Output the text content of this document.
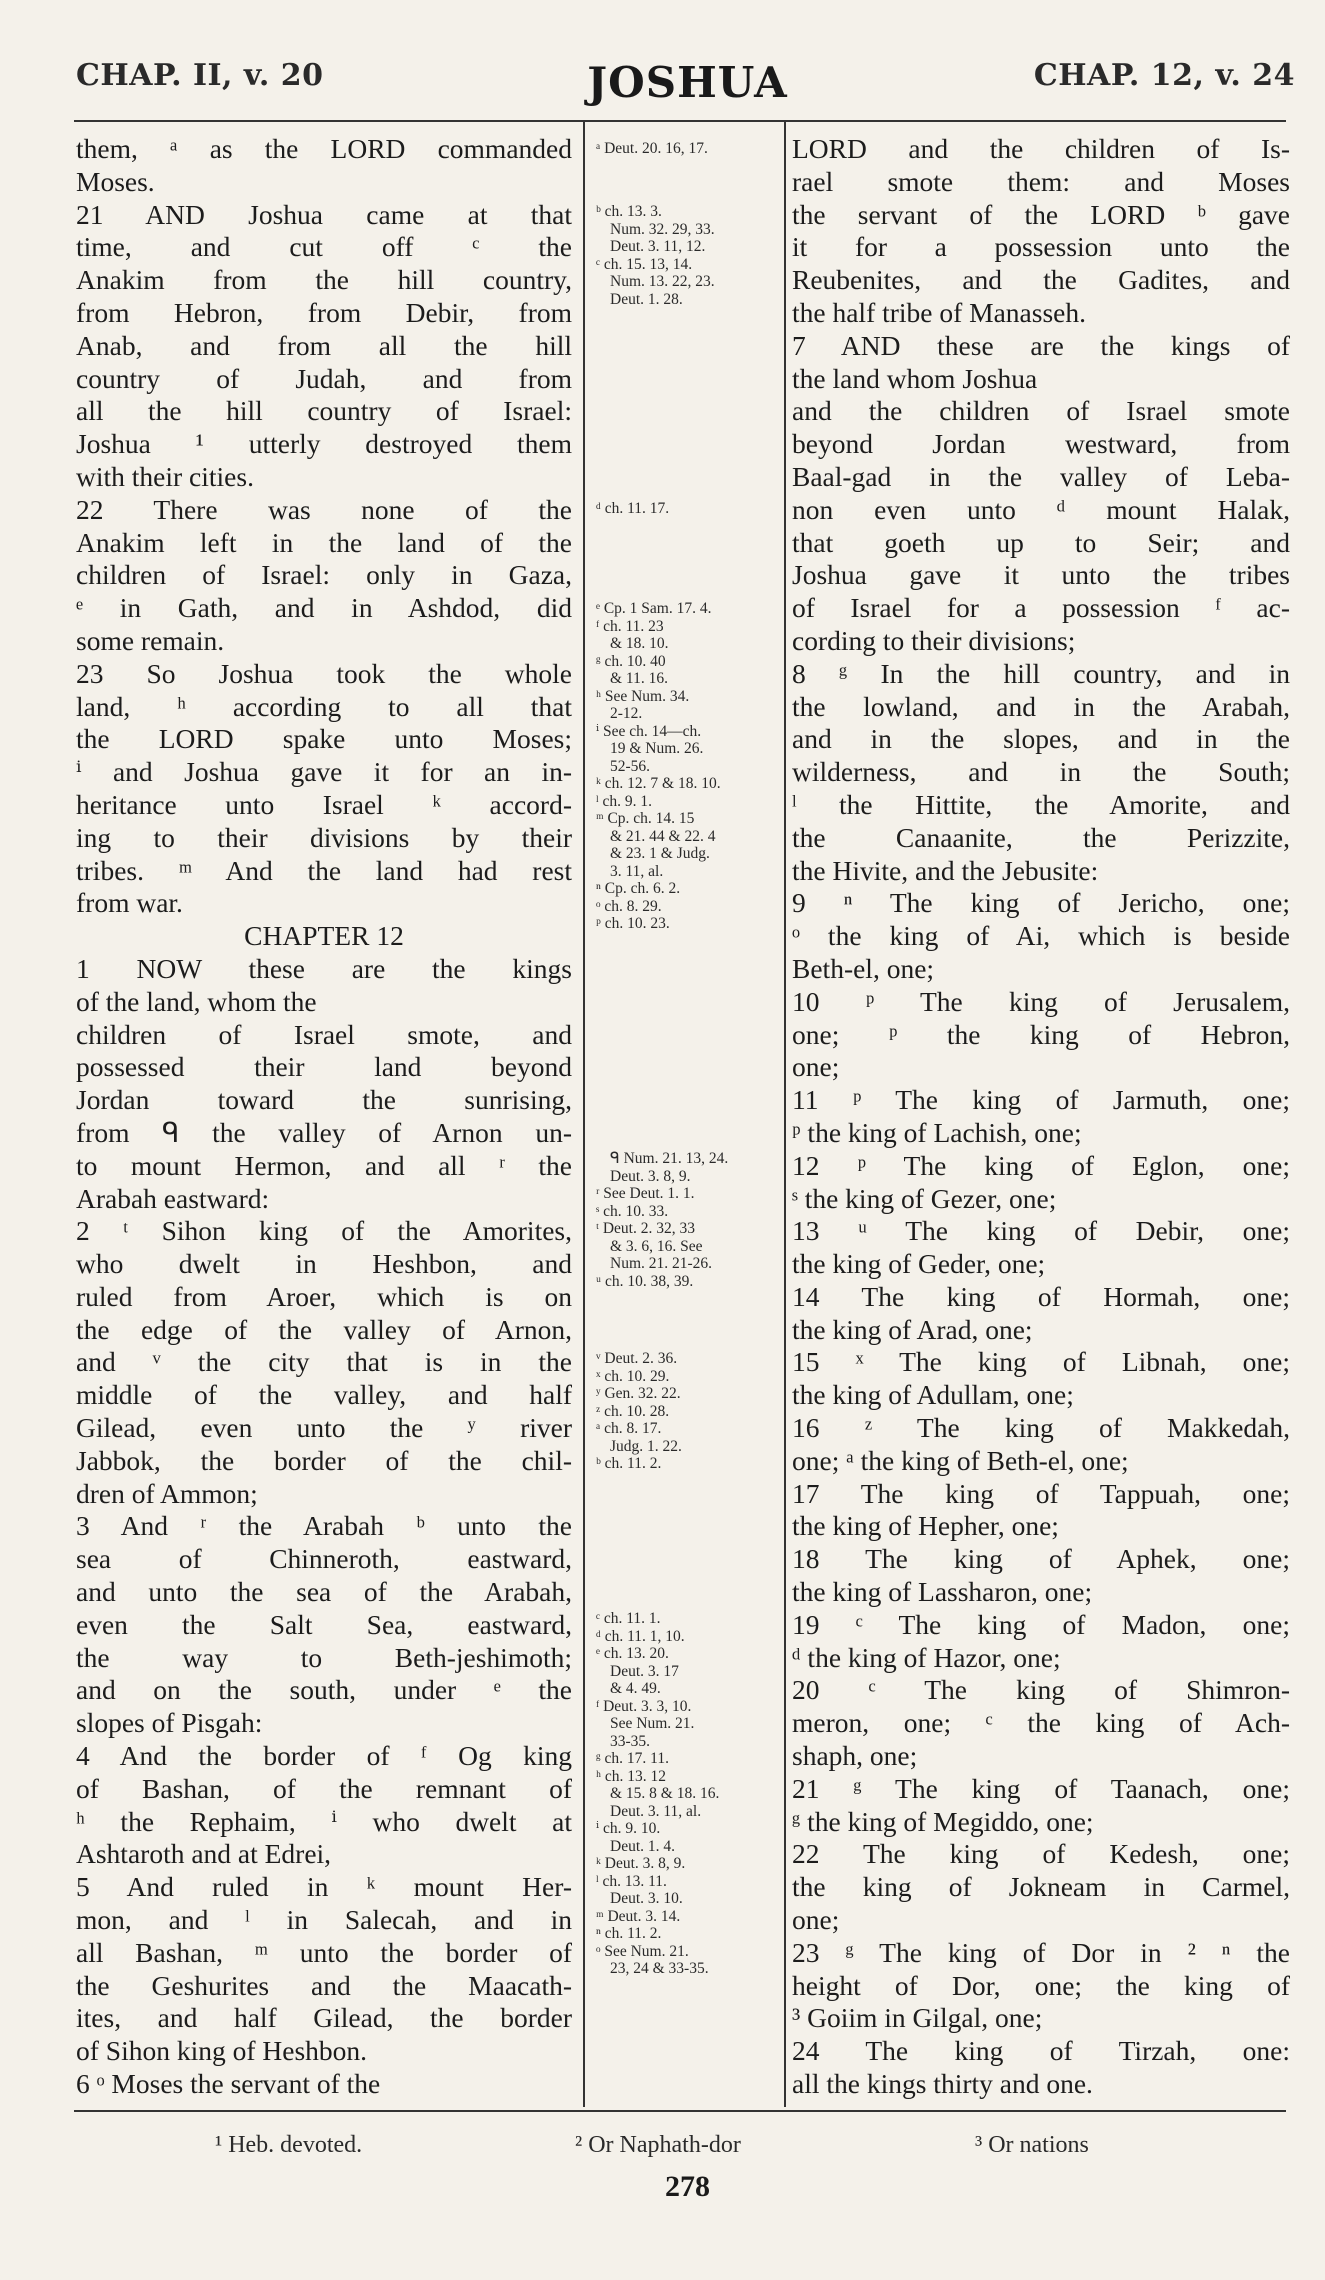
CHAP. II, v. 20	JOSHUA	CHAP. 12, v. 24
them, ᵃ as the LORD commanded
Moses.
21 AND Joshua came at that
time, and cut off ᶜ the
Anakim from the hill country,
from Hebron, from Debir, from
Anab, and from all the hill
country of Judah, and from
all the hill country of Israel:
Joshua ¹ utterly destroyed them
with their cities.
22 There was none of the
Anakim left in the land of the
children of Israel: only in Gaza,
ᵉ in Gath, and in Ashdod, did
some remain.
23 So Joshua took the whole
land, ʰ according to all that
the LORD spake unto Moses;
ⁱ and Joshua gave it for an in-
heritance unto Israel ᵏ accord-
ing to their divisions by their
tribes. ᵐ And the land had rest
from war.
CHAPTER 12
1 NOW these are the kings
of the land, whom the
children of Israel smote, and
possessed their land beyond
Jordan toward the sunrising,
from ᑫ the valley of Arnon un-
to mount Hermon, and all ʳ the
Arabah eastward:
2 ᵗ Sihon king of the Amorites,
who dwelt in Heshbon, and
ruled from Aroer, which is on
the edge of the valley of Arnon,
and ᵛ the city that is in the
middle of the valley, and half
Gilead, even unto the ʸ river
Jabbok, the border of the chil-
dren of Ammon;
3 And ʳ the Arabah ᵇ unto the
sea of Chinneroth, eastward,
and unto the sea of the Arabah,
even the Salt Sea, eastward,
the way to Beth-jeshimoth;
and on the south, under ᵉ the
slopes of Pisgah:
4 And the border of ᶠ Og king
of Bashan, of the remnant of
ʰ the Rephaim, ⁱ who dwelt at
Ashtaroth and at Edrei,
5 And ruled in ᵏ mount Her-
mon, and ˡ in Salecah, and in
all Bashan, ᵐ unto the border of
the Geshurites and the Maacath-
ites, and half Gilead, the border
of Sihon king of Heshbon.
6 ᵒ Moses the servant of the
ᵃ Deut. 20. 16, 17.
ᵇ ch. 13. 3.
Num. 32. 29, 33.
Deut. 3. 11, 12.
ᶜ ch. 15. 13, 14.
Num. 13. 22, 23.
Deut. 1. 28.
ᵈ ch. 11. 17.
ᵉ Cp. 1 Sam. 17. 4.
ᶠ ch. 11. 23
& 18. 10.
ᵍ ch. 10. 40
& 11. 16.
ʰ See Num. 34.
2-12.
ⁱ See ch. 14—ch.
19 & Num. 26.
52-56.
ᵏ ch. 12. 7 & 18. 10.
ˡ ch. 9. 1.
ᵐ Cp. ch. 14. 15
& 21. 44 & 22. 4
& 23. 1 & Judg.
3. 11, al.
ⁿ Cp. ch. 6. 2.
ᵒ ch. 8. 29.
ᵖ ch. 10. 23.
ᑫ Num. 21. 13, 24.
Deut. 3. 8, 9.
ʳ See Deut. 1. 1.
ˢ ch. 10. 33.
ᵗ Deut. 2. 32, 33
& 3. 6, 16. See
Num. 21. 21-26.
ᵘ ch. 10. 38, 39.
ᵛ Deut. 2. 36.
ˣ ch. 10. 29.
ʸ Gen. 32. 22.
ᶻ ch. 10. 28.
ᵃ ch. 8. 17.
Judg. 1. 22.
ᵇ ch. 11. 2.
ᶜ ch. 11. 1.
ᵈ ch. 11. 1, 10.
ᵉ ch. 13. 20.
Deut. 3. 17
& 4. 49.
ᶠ Deut. 3. 3, 10.
See Num. 21.
33-35.
ᵍ ch. 17. 11.
ʰ ch. 13. 12
& 15. 8 & 18. 16.
Deut. 3. 11, al.
ⁱ ch. 9. 10.
Deut. 1. 4.
ᵏ Deut. 3. 8, 9.
ˡ ch. 13. 11.
Deut. 3. 10.
ᵐ Deut. 3. 14.
ⁿ ch. 11. 2.
ᵒ See Num. 21.
23, 24 & 33-35.
LORD and the children of Is-
rael smote them: and Moses
the servant of the LORD ᵇ gave
it for a possession unto the
Reubenites, and the Gadites, and
the half tribe of Manasseh.
7 AND these are the kings of
the land whom Joshua
and the children of Israel smote
beyond Jordan westward, from
Baal-gad in the valley of Leba-
non even unto ᵈ mount Halak,
that goeth up to Seir; and
Joshua gave it unto the tribes
of Israel for a possession ᶠ ac-
cording to their divisions;
8 ᵍ In the hill country, and in
the lowland, and in the Arabah,
and in the slopes, and in the
wilderness, and in the South;
ˡ the Hittite, the Amorite, and
the Canaanite, the Perizzite,
the Hivite, and the Jebusite:
9 ⁿ The king of Jericho, one;
ᵒ the king of Ai, which is beside
Beth-el, one;
10 ᵖ The king of Jerusalem,
one; ᵖ the king of Hebron,
one;
11 ᵖ The king of Jarmuth, one;
ᵖ the king of Lachish, one;
12 ᵖ The king of Eglon, one;
ˢ the king of Gezer, one;
13 ᵘ The king of Debir, one;
the king of Geder, one;
14 The king of Hormah, one;
the king of Arad, one;
15 ˣ The king of Libnah, one;
the king of Adullam, one;
16 ᶻ The king of Makkedah,
one; ᵃ the king of Beth-el, one;
17 The king of Tappuah, one;
the king of Hepher, one;
18 The king of Aphek, one;
the king of Lassharon, one;
19 ᶜ The king of Madon, one;
ᵈ the king of Hazor, one;
20 ᶜ The king of Shimron-
meron, one; ᶜ the king of Ach-
shaph, one;
21 ᵍ The king of Taanach, one;
ᵍ the king of Megiddo, one;
22 The king of Kedesh, one;
the king of Jokneam in Carmel,
one;
23 ᵍ The king of Dor in ² ⁿ the
height of Dor, one; the king of
³ Goiim in Gilgal, one;
24 The king of Tirzah, one:
all the kings thirty and one.
¹ Heb. devoted.	² Or Naphath-dor	³ Or nations
278
